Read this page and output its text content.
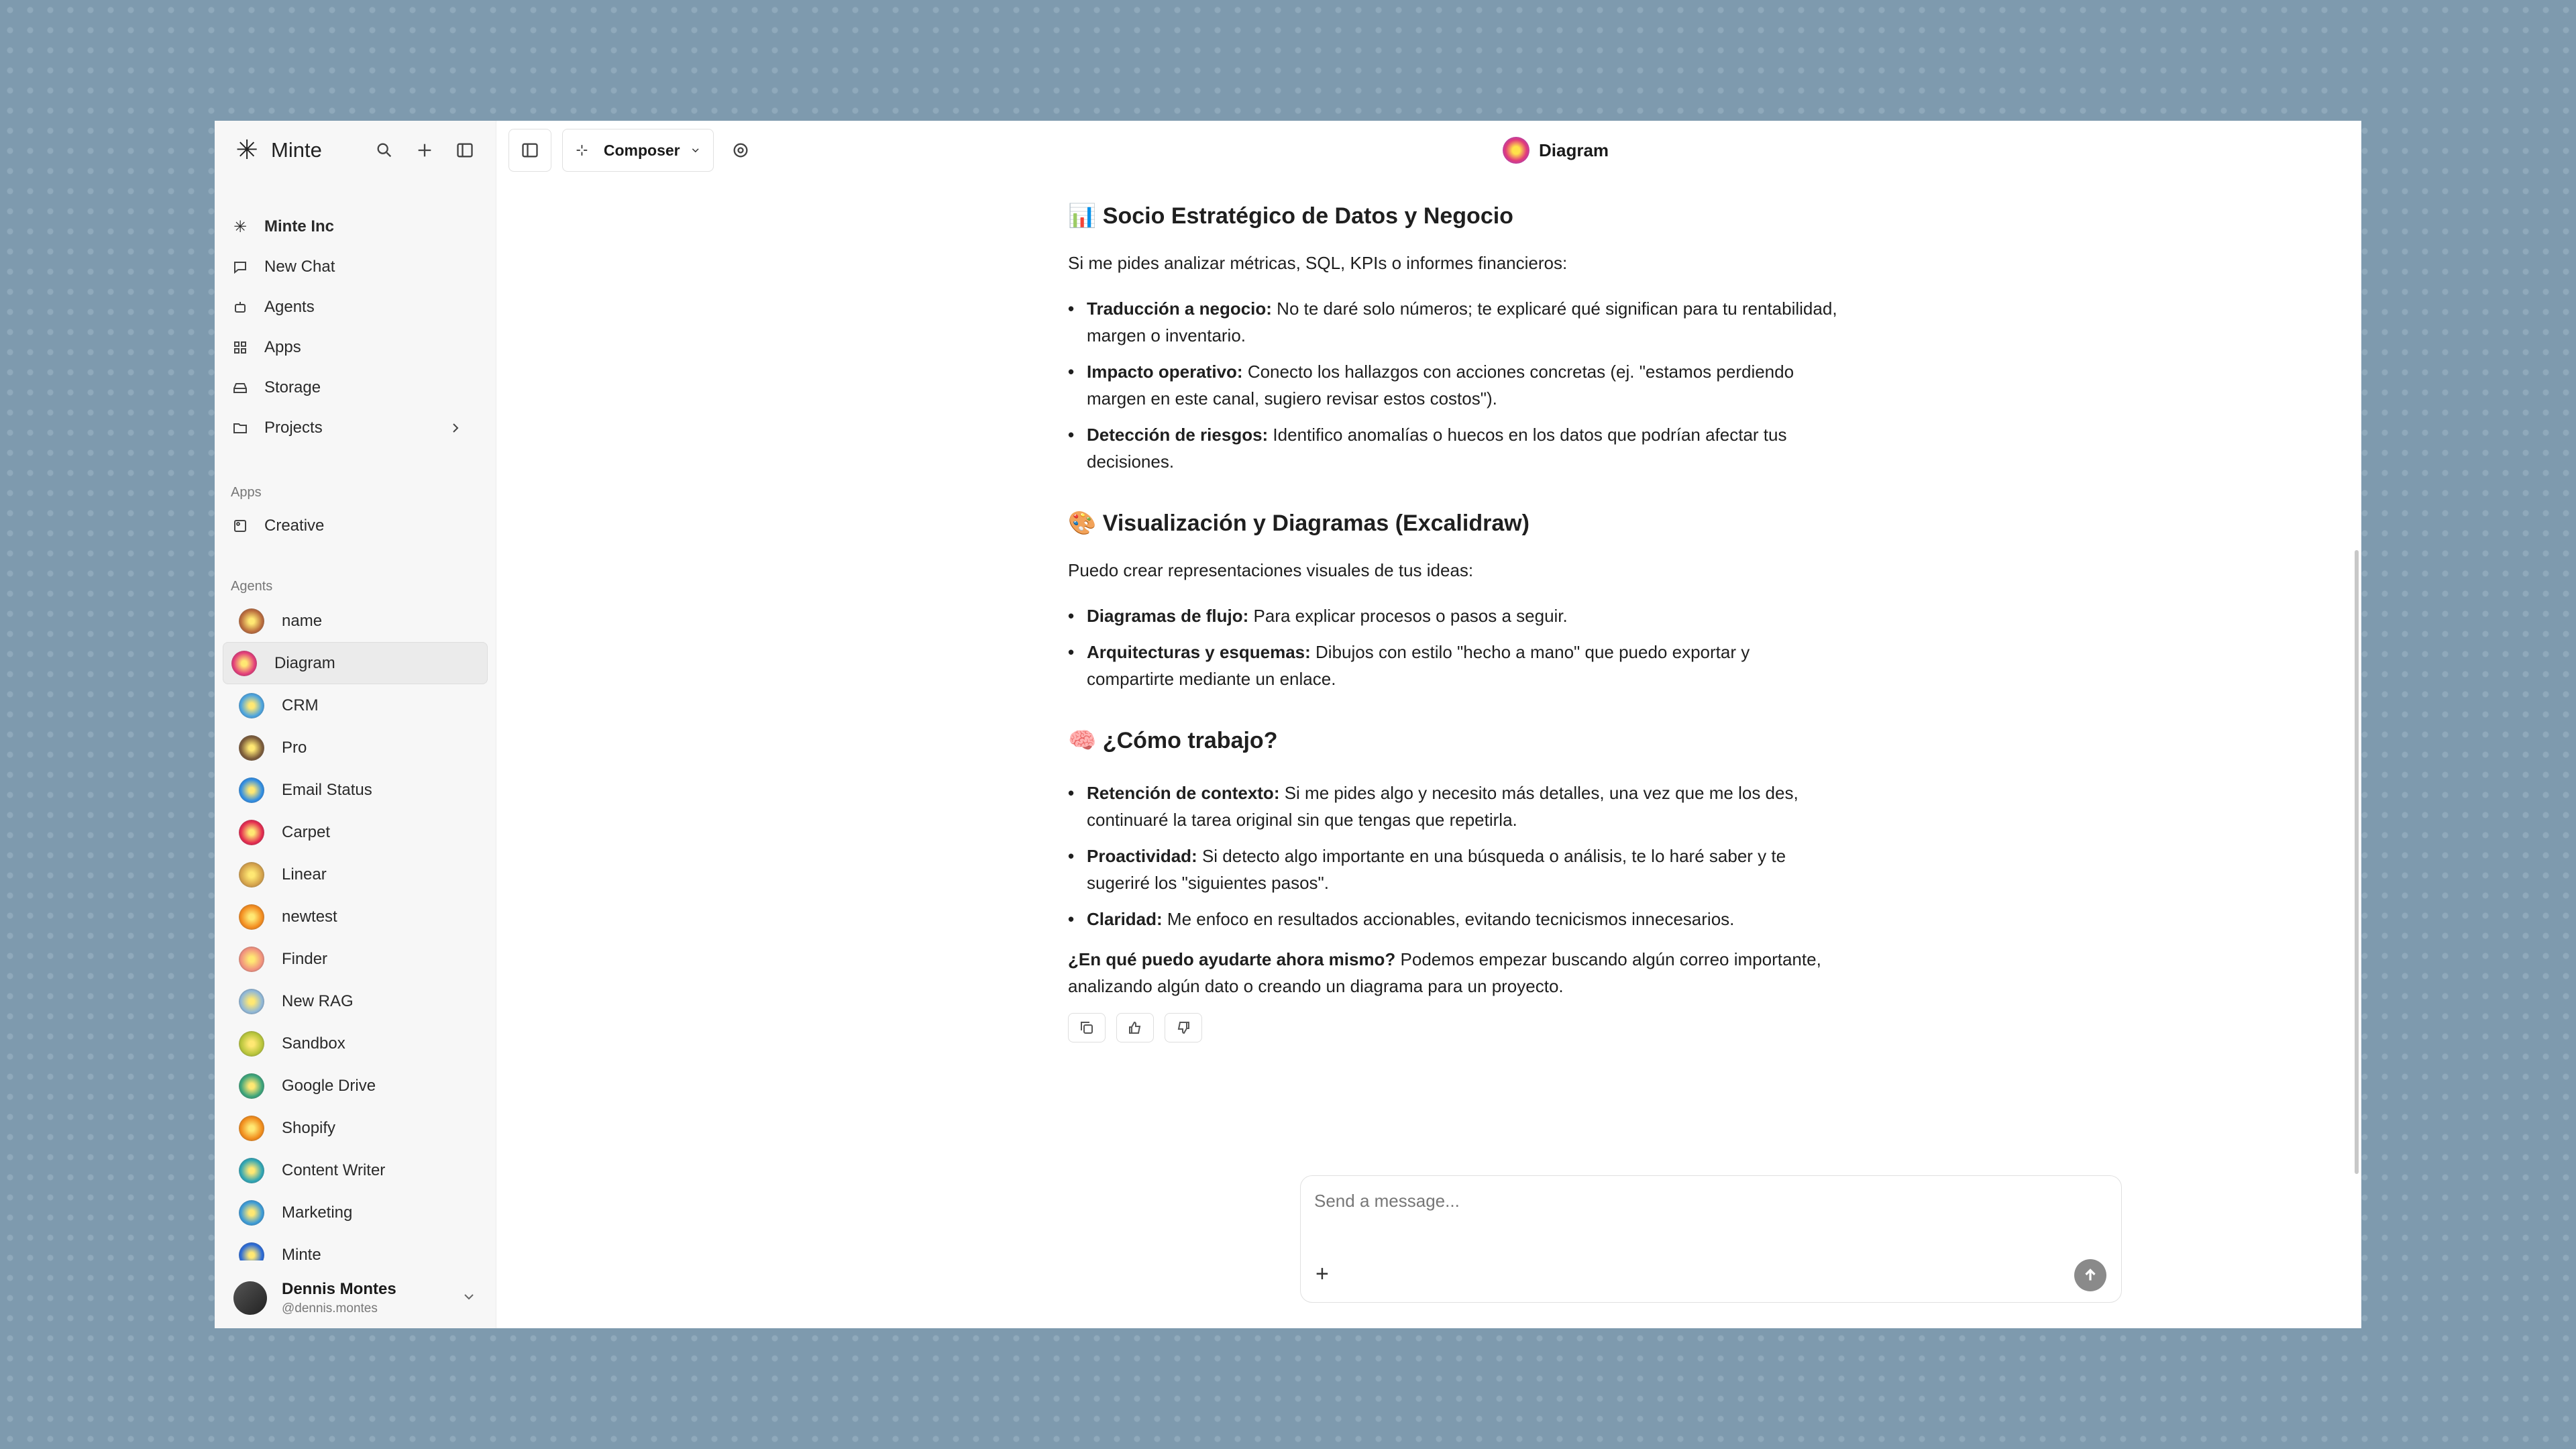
✳ Minte
✳ Minte Inc
New Chat
Agents
Apps
Storage
Projects
Apps
Creative
Agents
name
Diagram
CRM
Pro
Email Status
Carpet
Linear
newtest
Finder
New RAG
Sandbox
Google Drive
Shopify
Content Writer
Marketing
Minte
Dennis Montes
@dennis.montes
Composer	Diagram
📊 Socio Estratégico de Datos y Negocio

Si me pides analizar métricas, SQL, KPIs o informes financieros:

• Traducción a negocio: No te daré solo números; te explicaré qué significan para tu rentabilidad, margen o inventario.
• Impacto operativo: Conecto los hallazgos con acciones concretas (ej. "estamos perdiendo margen en este canal, sugiero revisar estos costos").
• Detección de riesgos: Identifico anomalías o huecos en los datos que podrían afectar tus decisiones.
🎨 Visualización y Diagramas (Excalidraw)

Puedo crear representaciones visuales de tus ideas:

• Diagramas de flujo: Para explicar procesos o pasos a seguir.
• Arquitecturas y esquemas: Dibujos con estilo "hecho a mano" que puedo exportar y compartirte mediante un enlace.
🧠 ¿Cómo trabajo?
• Retención de contexto: Si me pides algo y necesito más detalles, una vez que me los des, continuaré la tarea original sin que tengas que repetirla.
• Proactividad: Si detecto algo importante en una búsqueda o análisis, te lo haré saber y te sugeriré los "siguientes pasos".
• Claridad: Me enfoco en resultados accionables, evitando tecnicismos innecesarios.

¿En qué puedo ayudarte ahora mismo? Podemos empezar buscando algún correo importante, analizando algún dato o creando un diagrama para un proyecto.

Send a message...
+
